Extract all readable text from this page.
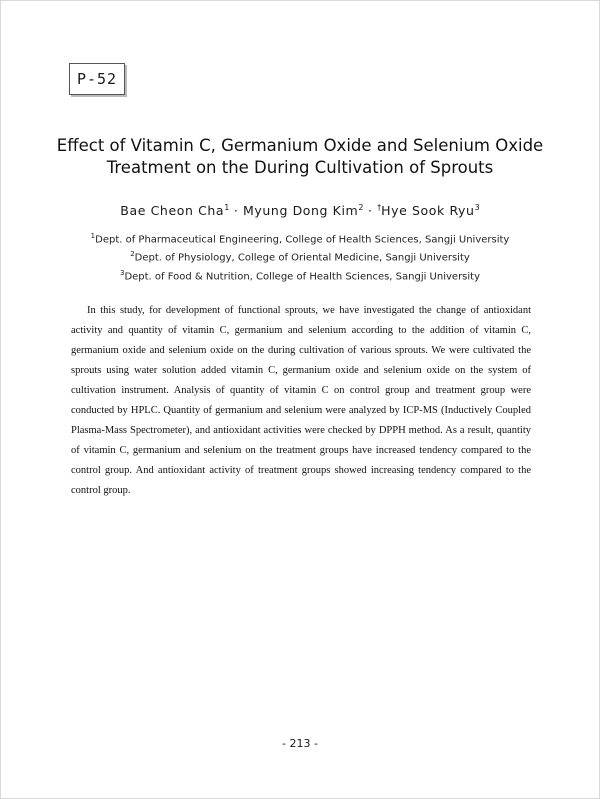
P-52
Effect of Vitamin C, Germanium Oxide and Selenium Oxide
Treatment on the During Cultivation of Sprouts
Bae Cheon Cha$^1$ · Myung Dong Kim$^2$ · †Hye Sook Ryu$^3$
$^1$Dept. of Pharmaceutical Engineering, College of Health Sciences, Sangji University
$^2$Dept. of Physiology, College of Oriental Medicine, Sangji University
$^3$Dept. of Food & Nutrition, College of Health Sciences, Sangji University

In this study, for development of functional sprouts, we have investigated the change of antioxidant activity and quantity of vitamin C, germanium and selenium according to the addition of vitamin C, germanium oxide and selenium oxide on the during cultivation of various sprouts. We were cultivated the sprouts using water solution added vitamin C, germanium oxide and selenium oxide on the system of cultivation instrument. Analysis of quantity of vitamin C on control group and treatment group were conducted by HPLC. Quantity of germanium and selenium were analyzed by ICP-MS (Inductively Coupled Plasma-Mass Spectrometer), and antioxidant activities were checked by DPPH method. As a result, quantity of vitamin C, germanium and selenium on the treatment groups have increased tendency compared to the control group. And antioxidant activity of treatment groups showed increasing tendency compared to the control group.

- 213 -
